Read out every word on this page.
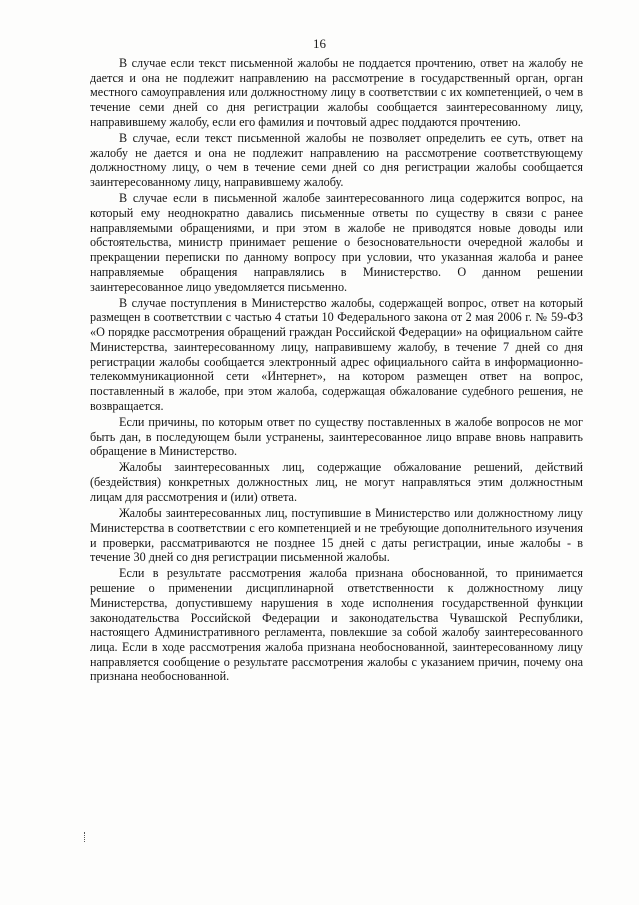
16

В случае если текст письменной жалобы не поддается прочтению, ответ на жалобу не дается и она не подлежит направлению на рассмотрение в государственный орган, орган местного самоуправления или должностному лицу в соответствии с их компетенцией, о чем в течение семи дней со дня регистрации жалобы сообщается заинтересованному лицу, направившему жалобу, если его фамилия и почтовый адрес поддаются прочтению.

В случае, если текст письменной жалобы не позволяет определить ее суть, ответ на жалобу не дается и она не подлежит направлению на рассмотрение соответствующему должностному лицу, о чем в течение семи дней со дня регистрации жалобы сообщается заинтересованному лицу, направившему жалобу.

В случае если в письменной жалобе заинтересованного лица содержится вопрос, на который ему неоднократно давались письменные ответы по существу в связи с ранее направляемыми обращениями, и при этом в жалобе не приводятся новые доводы или обстоятельства, министр принимает решение о безосновательности очередной жалобы и прекращении переписки по данному вопросу при условии, что указанная жалоба и ранее направляемые обращения направлялись в Министерство. О данном решении заинтересованное лицо уведомляется письменно.

В случае поступления в Министерство жалобы, содержащей вопрос, ответ на который размещен в соответствии с частью 4 статьи 10 Федерального закона от 2 мая 2006 г. № 59-ФЗ «О порядке рассмотрения обращений граждан Российской Федерации» на официальном сайте Министерства, заинтересованному лицу, направившему жалобу, в течение 7 дней со дня регистрации жалобы сообщается электронный адрес официального сайта в информационно-телекоммуникационной сети «Интернет», на котором размещен ответ на вопрос, поставленный в жалобе, при этом жалоба, содержащая обжалование судебного решения, не возвращается.

Если причины, по которым ответ по существу поставленных в жалобе вопросов не мог быть дан, в последующем были устранены, заинтересованное лицо вправе вновь направить обращение в Министерство.

Жалобы заинтересованных лиц, содержащие обжалование решений, действий (бездействия) конкретных должностных лиц, не могут направляться этим должностным лицам для рассмотрения и (или) ответа.

Жалобы заинтересованных лиц, поступившие в Министерство или должностному лицу Министерства в соответствии с его компетенцией и не требующие дополнительного изучения и проверки, рассматриваются не позднее 15 дней с даты регистрации, иные жалобы - в течение 30 дней со дня регистрации письменной жалобы.

Если в результате рассмотрения жалоба признана обоснованной, то принимается решение о применении дисциплинарной ответственности к должностному лицу Министерства, допустившему нарушения в ходе исполнения государственной функции законодательства Российской Федерации и законодательства Чувашской Республики, настоящего Административного регламента, повлекшие за собой жалобу заинтересованного лица. Если в ходе рассмотрения жалоба признана необоснованной, заинтересованному лицу направляется сообщение о результате рассмотрения жалобы с указанием причин, почему она признана необоснованной.
